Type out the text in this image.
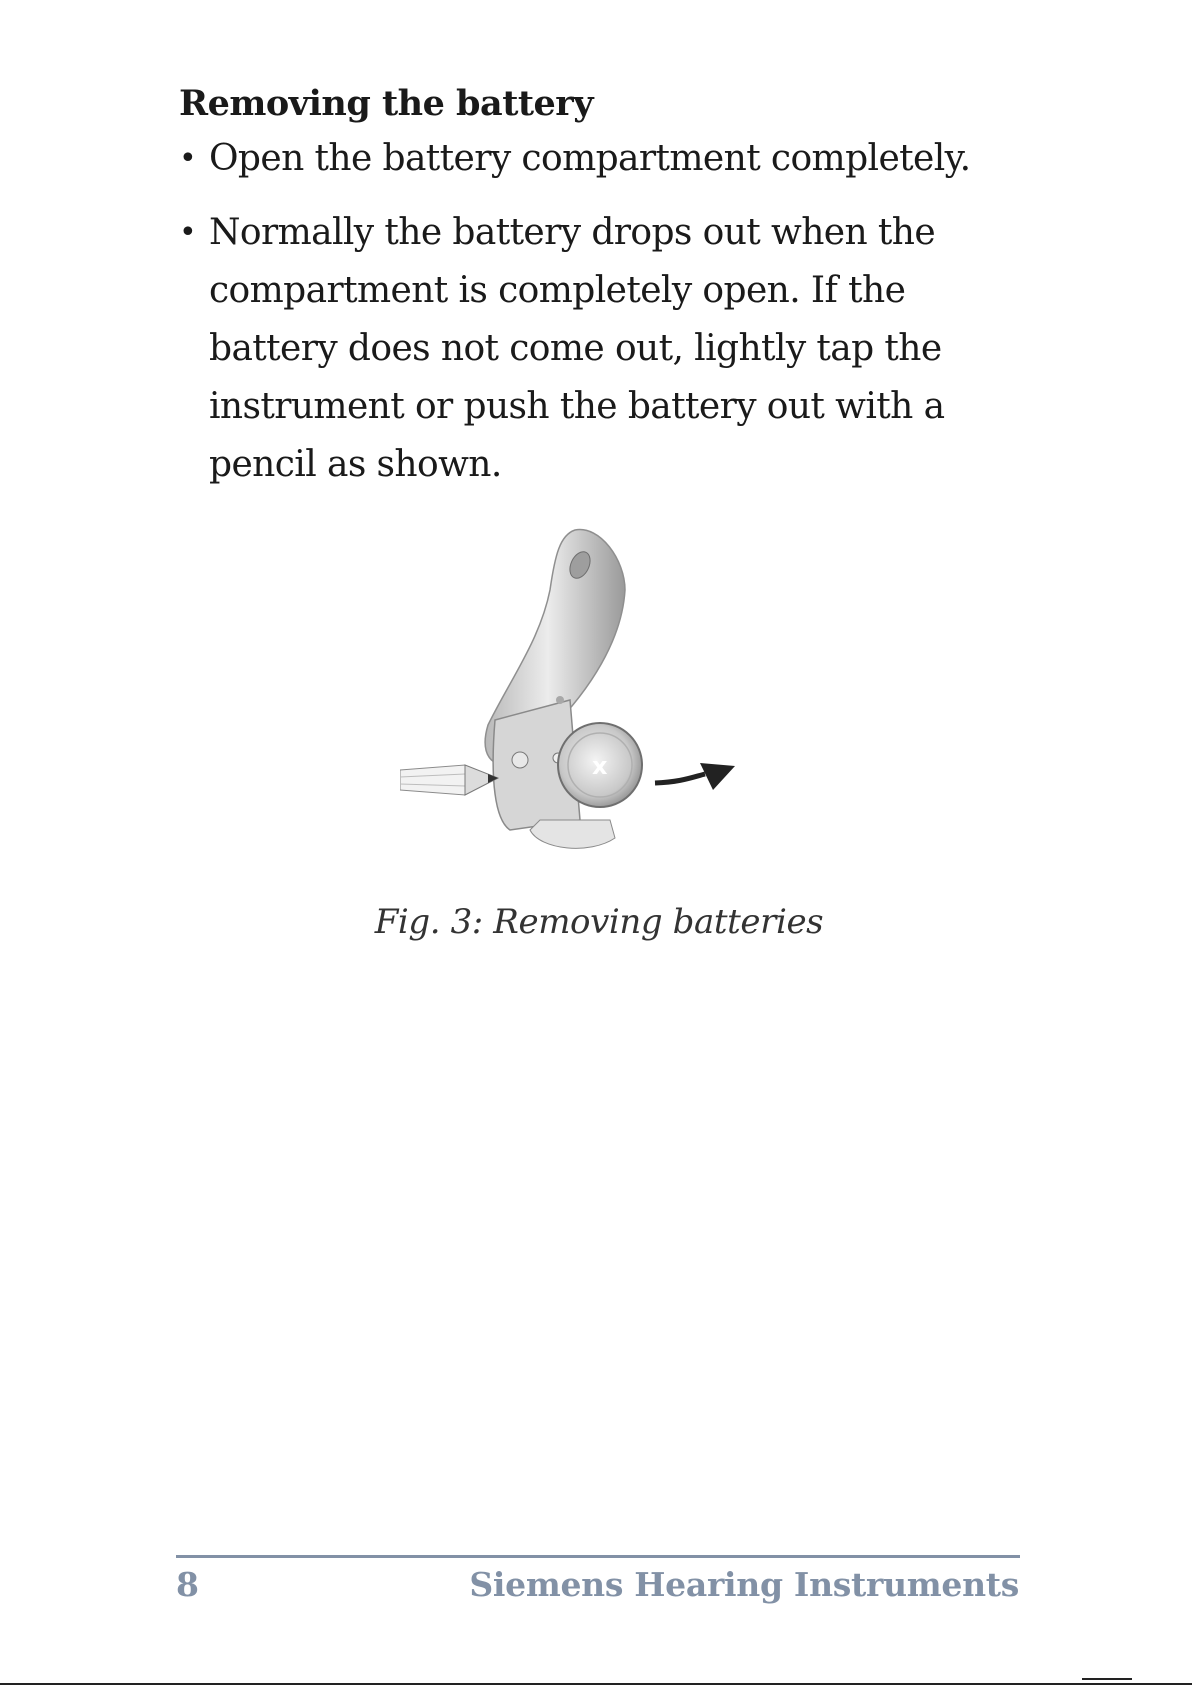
Removing the battery
• Open the battery compartment completely.
• Normally the battery drops out when the compartment is completely open. If the battery does not come out, lightly tap the instrument or push the battery out with a pencil as shown.
x
Fig. 3: Removing batteries
8	Siemens Hearing Instruments
